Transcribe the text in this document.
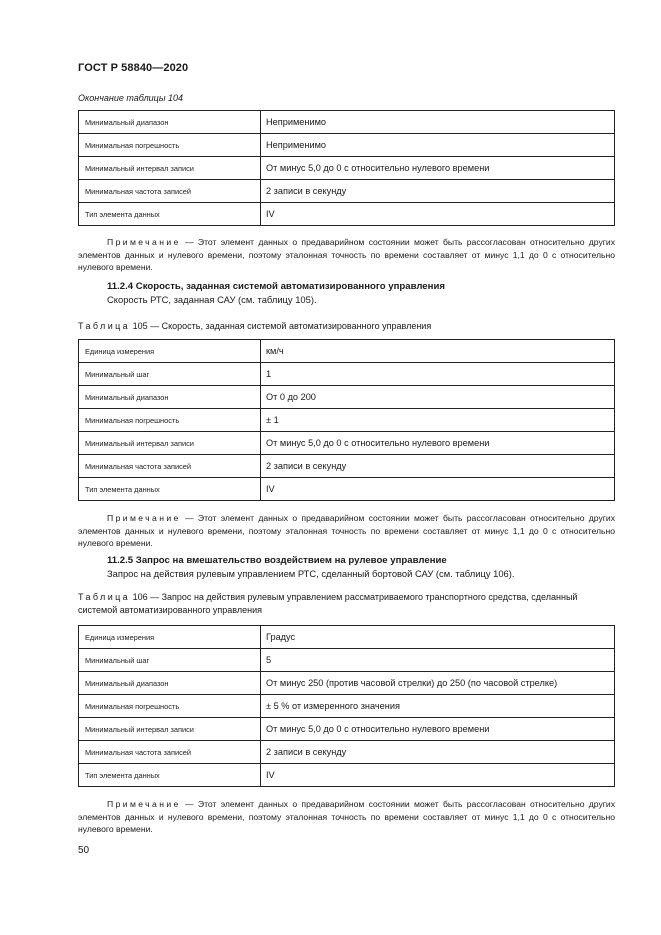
ГОСТ Р 58840—2020
Окончание таблицы 104
Минимальный диапазон	Неприменимо
Минимальная погрешность	Неприменимо
Минимальный интервал записи	От минус 5,0 до 0 с относительно нулевого времени
Минимальная частота записей	2 записи в секунду
Тип элемента данных	IV
Примечание — Этот элемент данных о предаварийном состоянии может быть рассогласован относительно других элементов данных и нулевого времени, поэтому эталонная точность по времени составляет от минус 1,1 до 0 с относительно нулевого времени.
11.2.4 Скорость, заданная системой автоматизированного управления
Скорость РТС, заданная САУ (см. таблицу 105).
Таблица 105 — Скорость, заданная системой автоматизированного управления
Единица измерения	км/ч
Минимальный шаг	1
Минимальный диапазон	От 0 до 200
Минимальная погрешность	± 1
Минимальный интервал записи	От минус 5,0 до 0 с относительно нулевого времени
Минимальная частота записей	2 записи в секунду
Тип элемента данных	IV
Примечание — Этот элемент данных о предаварийном состоянии может быть рассогласован относительно других элементов данных и нулевого времени, поэтому эталонная точность по времени составляет от минус 1,1 до 0 с относительно нулевого времени.
11.2.5 Запрос на вмешательство воздействием на рулевое управление
Запрос на действия рулевым управлением РТС, сделанный бортовой САУ (см. таблицу 106).
Таблица 106 — Запрос на действия рулевым управлением рассматриваемого транспортного средства, сделанный системой автоматизированного управления
Единица измерения	Градус
Минимальный шаг	5
Минимальный диапазон	От минус 250 (против часовой стрелки) до 250 (по часовой стрелке)
Минимальная погрешность	± 5 % от измеренного значения
Минимальный интервал записи	От минус 5,0 до 0 с относительно нулевого времени
Минимальная частота записей	2 записи в секунду
Тип элемента данных	IV
Примечание — Этот элемент данных о предаварийном состоянии может быть рассогласован относительно других элементов данных и нулевого времени, поэтому эталонная точность по времени составляет от минус 1,1 до 0 с относительно нулевого времени.
50
